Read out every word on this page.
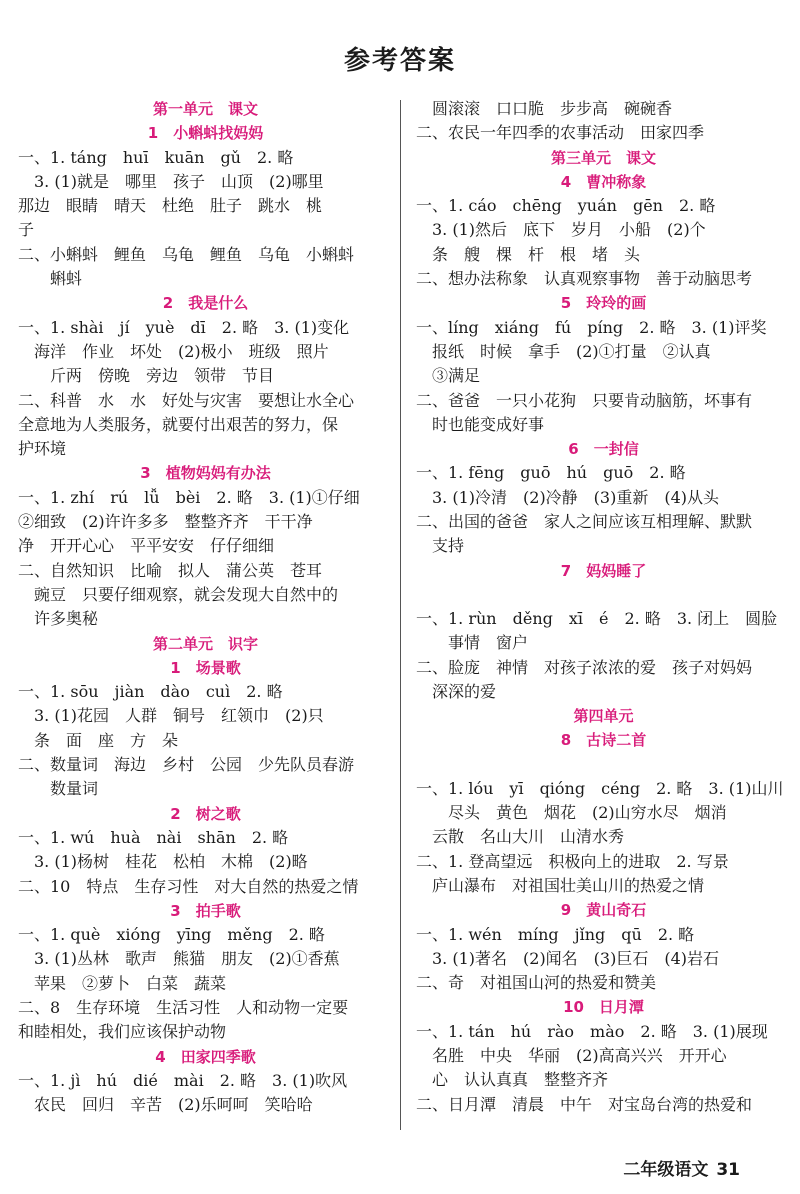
参考答案
第一单元　课文
1　小蝌蚪找妈妈
一、1. táng　huī　kuān　gǔ　2. 略
　3. (1)就是　哪里　孩子　山顶　(2)哪里
那边　眼睛　晴天　杜绝　肚子　跳水　桃
子
二、小蝌蚪　鲤鱼　乌龟　鲤鱼　乌龟　小蝌蚪
　　蝌蚪
2　我是什么
一、1. shài　jí　yuè　dī　2. 略　3. (1)变化
　海洋　作业　坏处　(2)极小　班级　照片
　　斤两　傍晚　旁边　领带　节目
二、科普　水　水　好处与灾害　要想让水全心
全意地为人类服务，就要付出艰苦的努力，保
护环境
3　植物妈妈有办法
一、1. zhí　rú　lǚ　bèi　2. 略　3. (1)①仔细
②细致　(2)许许多多　整整齐齐　干干净
净　开开心心　平平安安　仔仔细细
二、自然知识　比喻　拟人　蒲公英　苍耳
　豌豆　只要仔细观察，就会发现大自然中的
　许多奥秘
第二单元　识字
1　场景歌
一、1. sōu　jiàn　dào　cuì　2. 略
　3. (1)花园　人群　铜号　红领巾　(2)只
　条　面　座　方　朵
二、数量词　海边　乡村　公园　少先队员春游
　　数量词
2　树之歌
一、1. wú　huà　nài　shān　2. 略
　3. (1)杨树　桂花　松柏　木棉　(2)略
二、10　特点　生存习性　对大自然的热爱之情
3　拍手歌
一、1. què　xióng　yīng　měng　2. 略
　3. (1)丛林　歌声　熊猫　朋友　(2)①香蕉
　苹果　②萝卜　白菜　蔬菜
二、8　生存环境　生活习性　人和动物一定要
和睦相处，我们应该保护动物
4　田家四季歌
一、1. jì　hú　dié　mài　2. 略　3. (1)吹风
　农民　回归　辛苦　(2)乐呵呵　笑哈哈
　圆滚滚　口口脆　步步高　碗碗香
二、农民一年四季的农事活动　田家四季
第三单元　课文
4　曹冲称象
一、1. cáo　chēng　yuán　gēn　2. 略
　3. (1)然后　底下　岁月　小船　(2)个
　条　艘　棵　杆　根　堵　头
二、想办法称象　认真观察事物　善于动脑思考
5　玲玲的画
一、líng　xiáng　fú　píng　2. 略　3. (1)评奖
　报纸　时候　拿手　(2)①打量　②认真
　③满足
二、爸爸　一只小花狗　只要肯动脑筋，坏事有
　时也能变成好事
6　一封信
一、1. fēng　guō　hú　guō　2. 略
　3. (1)冷清　(2)冷静　(3)重新　(4)从头
二、出国的爸爸　家人之间应该互相理解、默默
　支持
7　妈妈睡了
一、1. rùn　děng　xī　é　2. 略　3. 闭上　圆脸
　　事情　窗户
二、脸庞　神情　对孩子浓浓的爱　孩子对妈妈
　深深的爱
第四单元
8　古诗二首
一、1. lóu　yī　qióng　céng　2. 略　3. (1)山川
　　尽头　黄色　烟花　(2)山穷水尽　烟消
　云散　名山大川　山清水秀
二、1. 登高望远　积极向上的进取　2. 写景
　庐山瀑布　对祖国壮美山川的热爱之情
9　黄山奇石
一、1. wén　míng　jǐng　qū　2. 略
　3. (1)著名　(2)闻名　(3)巨石　(4)岩石
二、奇　对祖国山河的热爱和赞美
10　日月潭
一、1. tán　hú　rào　mào　2. 略　3. (1)展现
　名胜　中央　华丽　(2)高高兴兴　开开心
　心　认认真真　整整齐齐
二、日月潭　清晨　中午　对宝岛台湾的热爱和
二年级语文 31
